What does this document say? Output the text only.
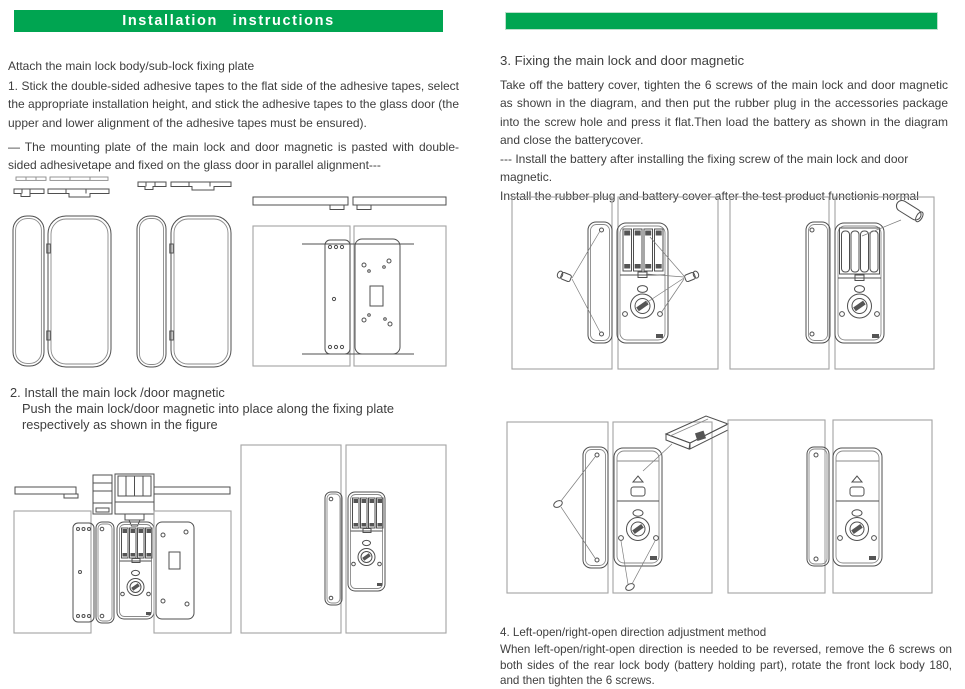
Installation instructions
Attach the main lock body/sub-lock fixing plate
1. Stick the double-sided adhesive tapes to the flat side of the adhesive tapes, select the appropriate installation height, and stick the adhesive tapes to the glass door (the upper and lower alignment of the adhesive tapes must be ensured).
— The mounting plate of the main lock and door magnetic is pasted with double-sided adhesivetape and fixed on the glass door in parallel alignment---
2. Install the main lock /door magnetic
Push the main lock/door magnetic into place along the fixing plate
respectively as shown in the figure
3. Fixing the main lock and door magnetic
Take off the battery cover, tighten the 6 screws of the main lock and door magnetic as shown in the diagram, and then put the rubber plug in the accessories package into the screw hole and press it flat.Then load the battery as shown in the diagram and close the batterycover.
--- Install the battery after installing the fixing screw of the main lock and door magnetic.
Install the rubber plug and battery cover after the test product functionis normal---
4. Left-open/right-open direction adjustment method
When left-open/right-open direction is needed to be reversed, remove the 6 screws on both sides of the rear lock body (battery holding part), rotate the front lock body 180, and then tighten the 6 screws.
